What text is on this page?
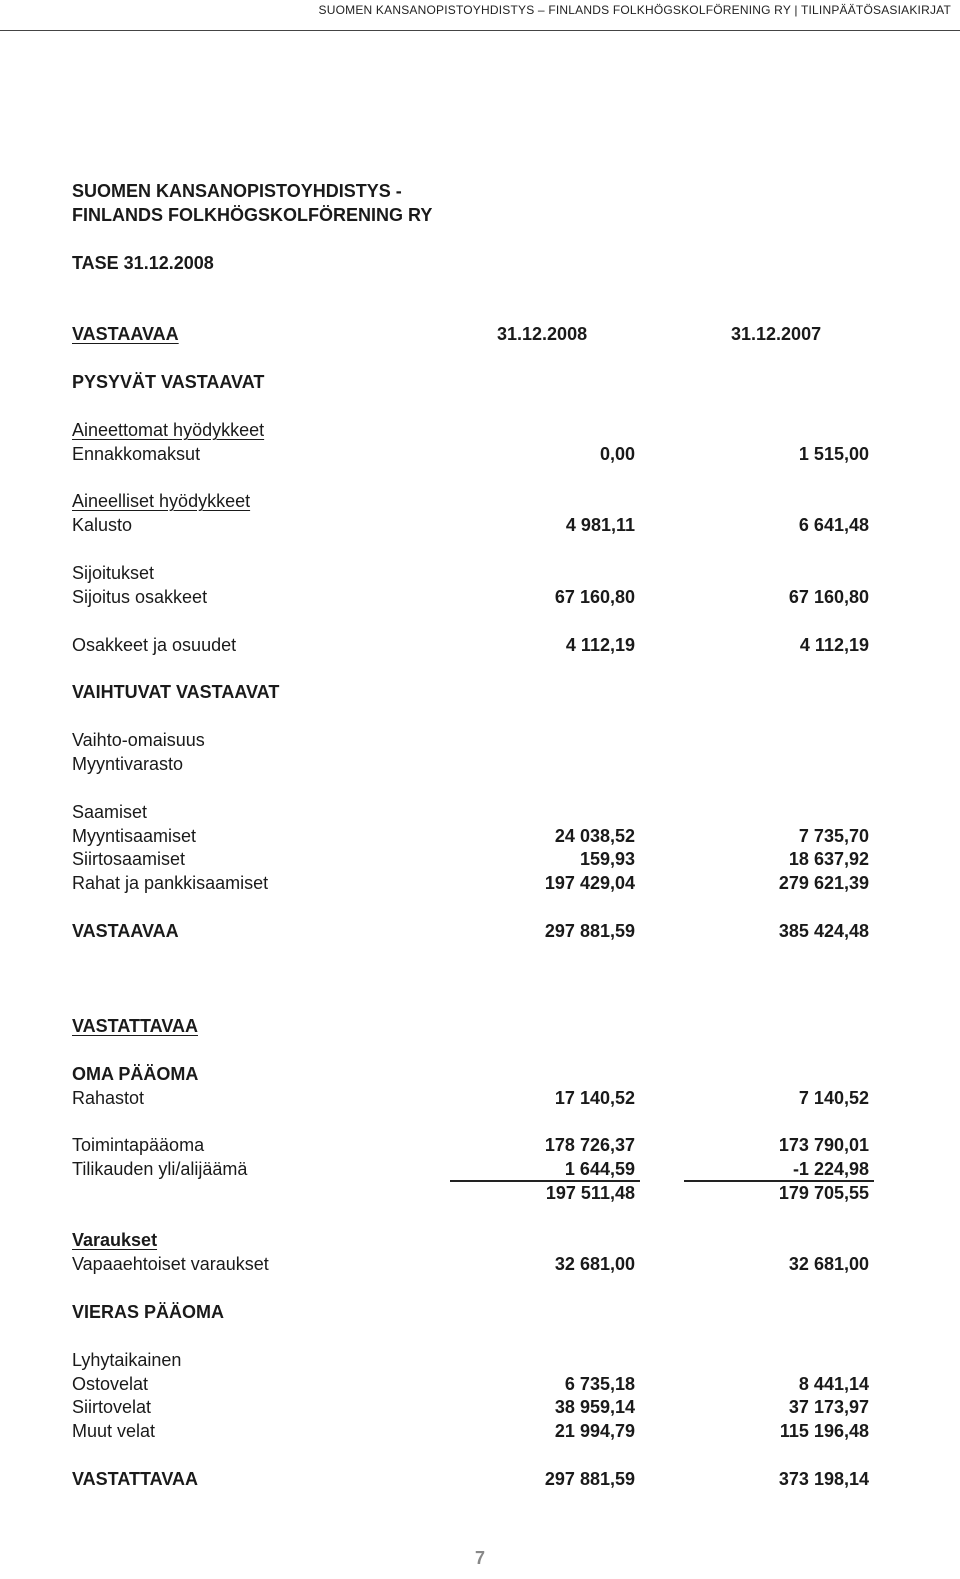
SUOMEN KANSANOPISTOYHDISTYS – FINLANDS FOLKHÖGSKOLFÖRENING RY | TILINPÄÄTÖSASIAKIRJAT
SUOMEN KANSANOPISTOYHDISTYS -
FINLANDS FOLKHÖGSKOLFÖRENING RY
TASE 31.12.2008
VASTAAVAA	31.12.2008	31.12.2007
PYSYVÄT VASTAAVAT
Aineettomat hyödykkeet
Ennakkomaksut	0,00	1 515,00
Aineelliset hyödykkeet
Kalusto	4 981,11	6 641,48
Sijoitukset
Sijoitus osakkeet	67 160,80	67 160,80
Osakkeet ja osuudet	4 112,19	4 112,19
VAIHTUVAT VASTAAVAT
Vaihto-omaisuus
Myyntivarasto
Saamiset
Myyntisaamiset	24 038,52	7 735,70
Siirtosaamiset	159,93	18 637,92
Rahat ja pankkisaamiset	197 429,04	279 621,39
VASTAAVAA	297 881,59	385 424,48
VASTATTAVAA
OMA PÄÄOMA
Rahastot	17 140,52	7 140,52
Toimintapääoma	178 726,37	173 790,01
Tilikauden yli/alijäämä	1 644,59	-1 224,98
197 511,48	179 705,55
Varaukset
Vapaaehtoiset varaukset	32 681,00	32 681,00
VIERAS PÄÄOMA
Lyhytaikainen
Ostovelat	6 735,18	8 441,14
Siirtovelat	38 959,14	37 173,97
Muut velat	21 994,79	115 196,48
VASTATTAVAA	297 881,59	373 198,14
7
